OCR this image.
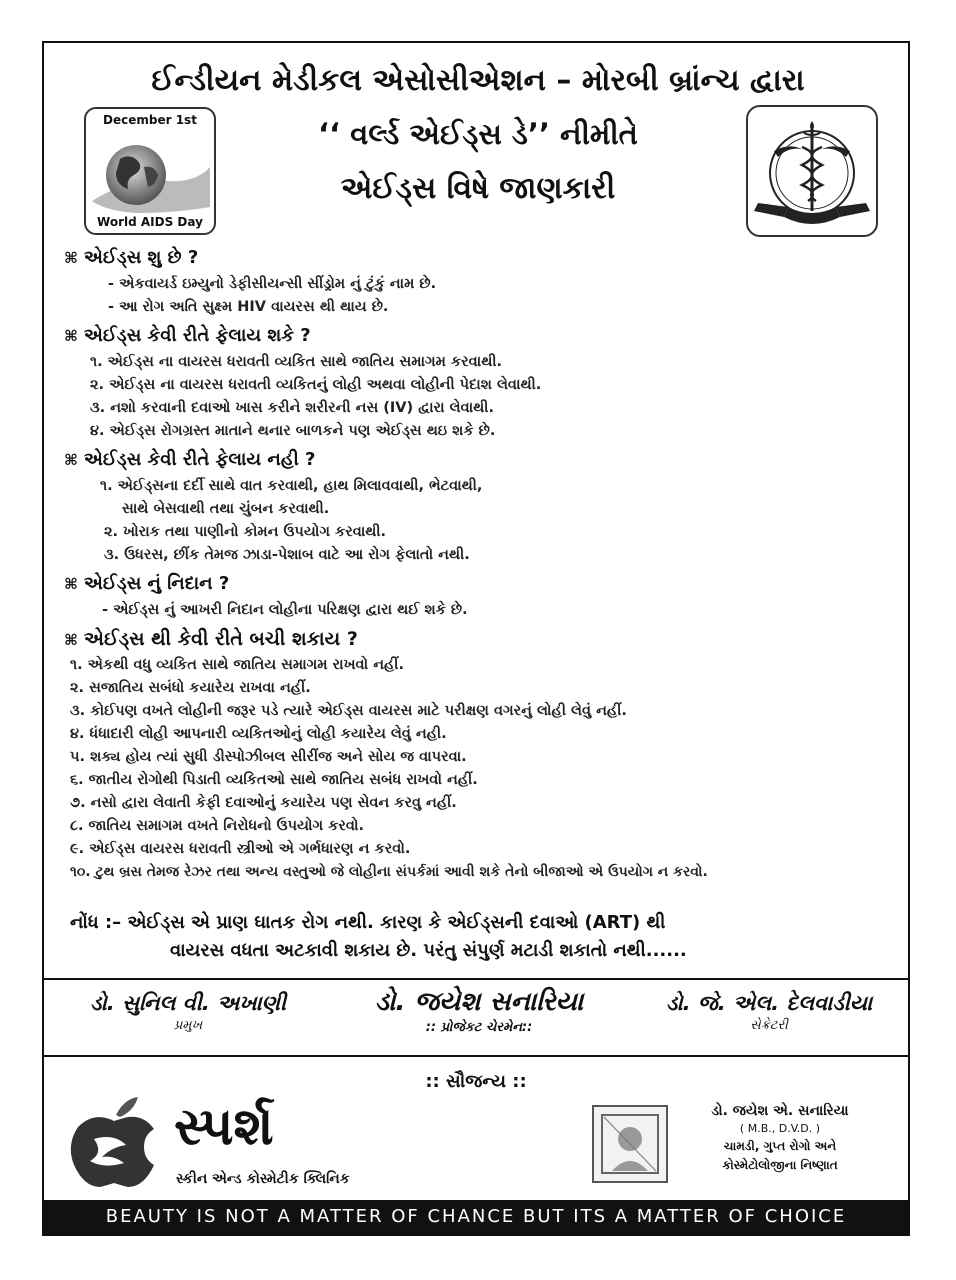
ઈન્ડીયન મેડીકલ એસોસીએશન – મોરબી બ્રાંન્ચ દ્વારા
‘‘ વર્લ્ડ એઈડ્સ ડે’’ નીમીતે
એઈડ્સ વિષે જાણકારી
December 1st
World AIDS Day
⌘ એઈડ્સ શુ છે ?
- એકવાયર્ડ ઇમ્યુનો ડેફીસીયન્સી સીંડ્રોમ નું ટુંકું નામ છે.
- આ રોગ અતિ સુક્ષ્મ HIV વાયરસ થી થાય છે.
⌘ એઈડ્સ કેવી રીતે ફેલાય શકે ?
૧. એઈડ્સ ના વાયરસ ધરાવતી વ્યકિત સાથે જાતિય સમાગમ કરવાથી.
૨. એઈડ્સ ના વાયરસ ધરાવતી વ્યકિતનું લોહી અથવા લોહીની પેદાશ લેવાથી.
૩. નશો કરવાની દવાઓ ખાસ કરીને શરીરની નસ (IV) દ્વારા લેવાથી.
૪. એઈડ્સ રોગગ્રસ્ત માતાને થનાર બાળકને પણ એઈડ્સ થઇ શકે છે.
⌘ એઈડ્સ કેવી રીતે ફેલાય નહી ?
૧. એઈડ્સના દર્દી સાથે વાત કરવાથી, હાથ મિલાવવાથી, ભેટવાથી,
સાથે બેસવાથી તથા ચુંબન કરવાથી.
૨. ખોરાક તથા પાણીનો કોમન ઉપયોગ કરવાથી.
૩. ઉધરસ, છીંક તેમજ ઝાડા-પેશાબ વાટે આ રોગ ફેલાતો નથી.
⌘ એઈડ્સ નું નિદાન ?
- એઈડ્સ નું આખરી નિદાન લોહીના પરિક્ષણ દ્વારા થઈ શકે છે.
⌘ એઈડ્સ થી કેવી રીતે બચી શકાય ?
૧. એકથી વધુ વ્યકિત સાથે જાતિય સમાગમ રાખવો નહીં.
૨. સજાતિય સબંધો કયારેય રાખવા નહીં.
૩. કોઈપણ વખતે લોહીની જરૂર પડે ત્યારે એઈડ્સ વાયરસ માટે પરીક્ષણ વગરનું લોહી લેવું નહીં.
૪. ધંધાદારી લોહી આપનારી વ્યકિતઓનું લોહી કયારેય લેવું નહી.
૫. શક્ય હોય ત્યાં સુધી ડીસ્પોઝીબલ સીરીંજ અને સોય જ વાપરવા.
૬. જાતીય રોગોથી પિડાતી વ્યકિતઓ સાથે જાતિય સબંધ રાખવો નહીં.
૭. નસો દ્વારા લેવાતી કેફી દવાઓનું કયારેય પણ સેવન કરવુ નહીં.
૮. જાતિય સમાગમ વખતે નિરોધનો ઉપયોગ કરવો.
૯. એઈડ્સ વાયરસ ધરાવતી સ્ત્રીઓ એ ગર્ભધારણ ન કરવો.
૧૦. ટુથ બ્રસ તેમજ રેઝર તથા અન્ય વસ્તુઓ જે લોહીના સંપર્કમાં આવી શકે તેનો બીજાઓ એ ઉપયોગ ન કરવો.
નોંધ :– એઈડ્સ એ પ્રાણ ઘાતક રોગ નથી. કારણ કે એઈડ્સની દવાઓ (ART) થી
વાયરસ વધતા અટકાવી શકાય છે. પરંતુ સંપુર્ણ મટાડી શકાતો નથી......
ડો. સુનિલ વી. અખાણી
પ્રમુખ
ડો. જયેશ સનારિયા
:: પ્રોજેકટ ચેરમેન::
ડો. જે. એલ. દેલવાડીયા
સેક્રેટરી
:: સૌજન્ય ::
સ્પર્શ
સ્કીન એન્ડ કોસ્મેટીક ક્લિનિક
ડો. જયેશ એ. સનારિયા
( M.B., D.V.D. )
ચામડી, ગુપ્ત રોગો અને
કોસ્મેટોલોજીના નિષ્ણાત
BEAUTY IS NOT A MATTER OF CHANCE BUT ITS A MATTER OF CHOICE
